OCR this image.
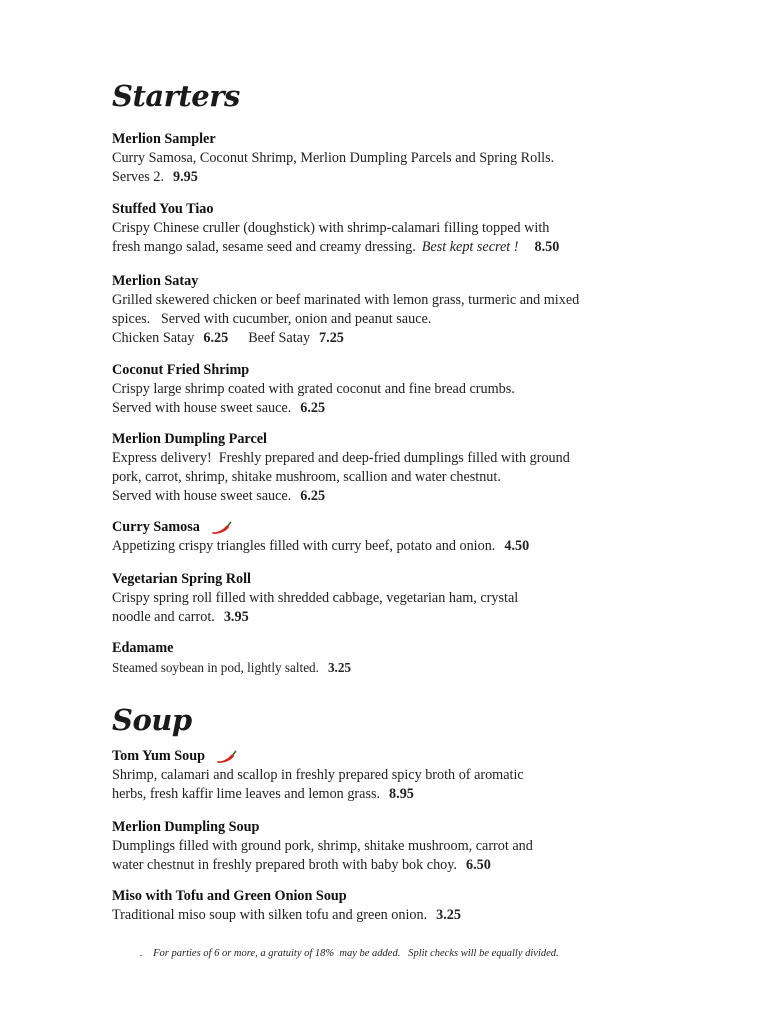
Starters
Merlion Sampler
Curry Samosa, Coconut Shrimp, Merlion Dumpling Parcels and Spring Rolls.
Serves 2. 9.95
Stuffed You Tiao
Crispy Chinese cruller (doughstick) with shrimp-calamari filling topped with
fresh mango salad, sesame seed and creamy dressing. Best kept secret ! 8.50
Merlion Satay
Grilled skewered chicken or beef marinated with lemon grass, turmeric and mixed
spices.   Served with cucumber, onion and peanut sauce.
Chicken Satay 6.25 Beef Satay 7.25
Coconut Fried Shrimp
Crispy large shrimp coated with grated coconut and fine bread crumbs.
Served with house sweet sauce. 6.25
Merlion Dumpling Parcel
Express delivery!  Freshly prepared and deep-fried dumplings filled with ground
pork, carrot, shrimp, shitake mushroom, scallion and water chestnut.
Served with house sweet sauce. 6.25
Curry Samosa
Appetizing crispy triangles filled with curry beef, potato and onion. 4.50
Vegetarian Spring Roll
Crispy spring roll filled with shredded cabbage, vegetarian ham, crystal
noodle and carrot. 3.95
Edamame
Steamed soybean in pod, lightly salted. 3.25
Soup
Tom Yum Soup
Shrimp, calamari and scallop in freshly prepared spicy broth of aromatic
herbs, fresh kaffir lime leaves and lemon grass. 8.95
Merlion Dumpling Soup
Dumplings filled with ground pork, shrimp, shitake mushroom, carrot and
water chestnut in freshly prepared broth with baby bok choy. 6.50
Miso with Tofu and Green Onion Soup
Traditional miso soup with silken tofu and green onion. 3.25
.    For parties of 6 or more, a gratuity of 18%  may be added.   Split checks will be equally divided.
